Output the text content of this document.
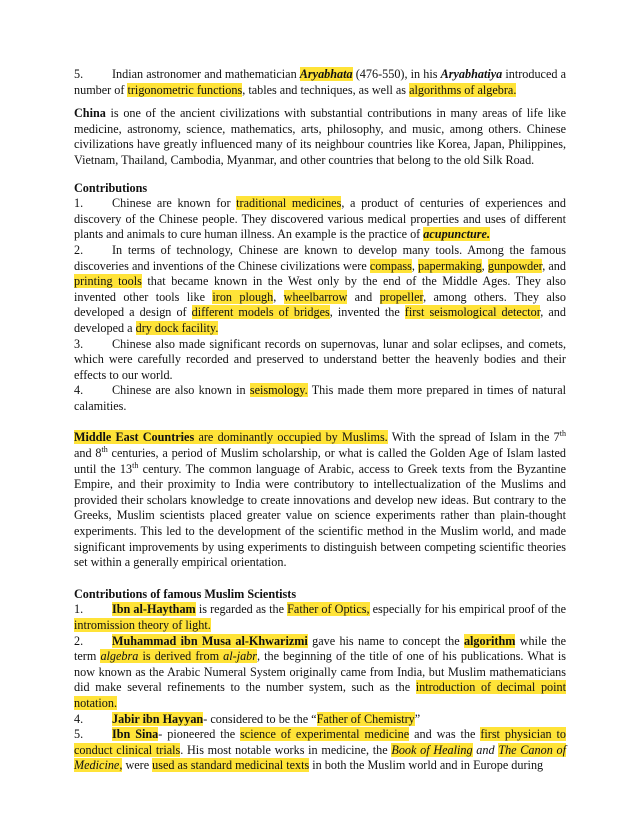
5. Indian astronomer and mathematician Aryabhata (476-550), in his Aryabhatiya introduced a number of trigonometric functions, tables and techniques, as well as algorithms of algebra.

China is one of the ancient civilizations with substantial contributions in many areas of life like medicine, astronomy, science, mathematics, arts, philosophy, and music, among others. Chinese civilizations have greatly influenced many of its neighbour countries like Korea, Japan, Philippines, Vietnam, Thailand, Cambodia, Myanmar, and other countries that belong to the old Silk Road.

Contributions

1. Chinese are known for traditional medicines, a product of centuries of experiences and discovery of the Chinese people. They discovered various medical properties and uses of different plants and animals to cure human illness. An example is the practice of acupuncture.

2. In terms of technology, Chinese are known to develop many tools. Among the famous discoveries and inventions of the Chinese civilizations were compass, papermaking, gunpowder, and printing tools that became known in the West only by the end of the Middle Ages. They also invented other tools like iron plough, wheelbarrow and propeller, among others. They also developed a design of different models of bridges, invented the first seismological detector, and developed a dry dock facility.

3. Chinese also made significant records on supernovas, lunar and solar eclipses, and comets, which were carefully recorded and preserved to understand better the heavenly bodies and their effects to our world.

4. Chinese are also known in seismology. This made them more prepared in times of natural calamities.

Middle East Countries are dominantly occupied by Muslims. With the spread of Islam in the 7th and 8th centuries, a period of Muslim scholarship, or what is called the Golden Age of Islam lasted until the 13th century. The common language of Arabic, access to Greek texts from the Byzantine Empire, and their proximity to India were contributory to intellectualization of the Muslims and provided their scholars knowledge to create innovations and develop new ideas. But contrary to the Greeks, Muslim scientists placed greater value on science experiments rather than plain-thought experiments. This led to the development of the scientific method in the Muslim world, and made significant improvements by using experiments to distinguish between competing scientific theories set within a generally empirical orientation.

Contributions of famous Muslim Scientists

1. Ibn al-Haytham is regarded as the Father of Optics, especially for his empirical proof of the intromission theory of light.

2. Muhammad ibn Musa al-Khwarizmi gave his name to concept the algorithm while the term algebra is derived from al-jabr, the beginning of the title of one of his publications. What is now known as the Arabic Numeral System originally came from India, but Muslim mathematicians did make several refinements to the number system, such as the introduction of decimal point notation.

4. Jabir ibn Hayyan- considered to be the “Father of Chemistry”

5. Ibn Sina- pioneered the science of experimental medicine and was the first physician to conduct clinical trials. His most notable works in medicine, the Book of Healing and The Canon of Medicine, were used as standard medicinal texts in both the Muslim world and in Europe during
